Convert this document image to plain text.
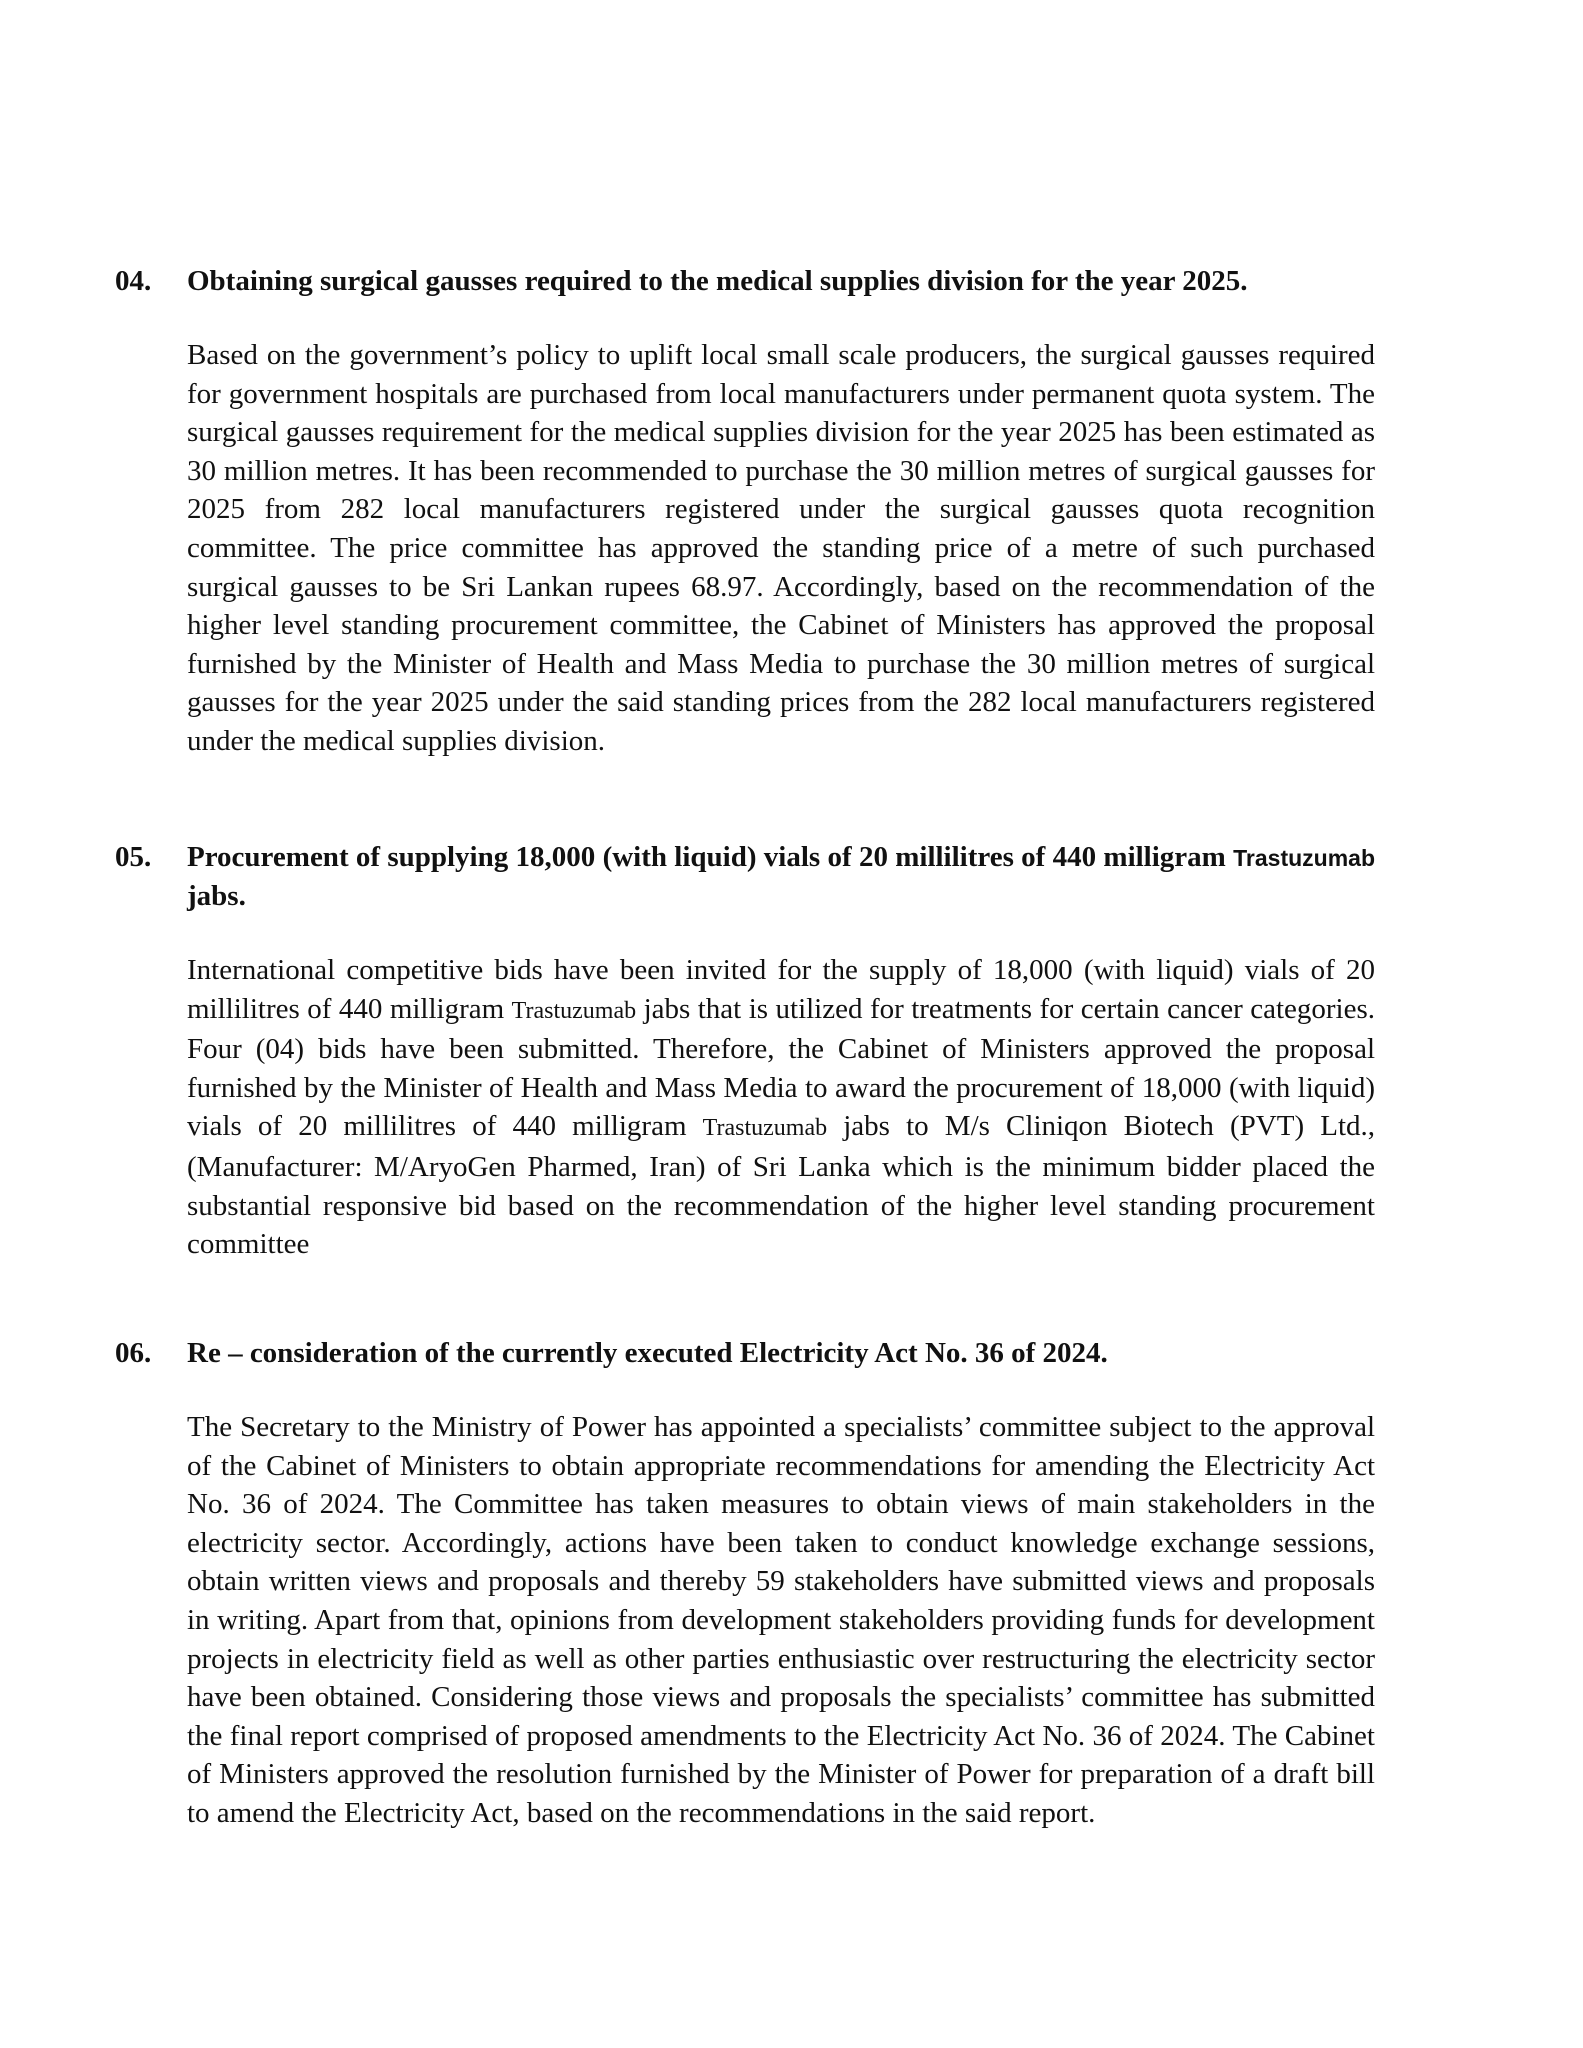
04.	Obtaining surgical gausses required to the medical supplies division for the year 2025.
Based on the government’s policy to uplift local small scale producers, the surgical gausses required for government hospitals are purchased from local manufacturers under permanent quota system. The surgical gausses requirement for the medical supplies division for the year 2025 has been estimated as 30 million metres. It has been recommended to purchase the 30 million metres of surgical gausses for 2025 from 282 local manufacturers registered under the surgical gausses quota recognition committee. The price committee has approved the standing price of a metre of such purchased surgical gausses to be Sri Lankan rupees 68.97. Accordingly, based on the recommendation of the higher level standing procurement committee, the Cabinet of Ministers has approved the proposal furnished by the Minister of Health and Mass Media to purchase the 30 million metres of surgical gausses for the year 2025 under the said standing prices from the 282 local manufacturers registered under the medical supplies division.
05.	Procurement of supplying 18,000 (with liquid) vials of 20 millilitres of 440 milligram Trastuzumab jabs.
International competitive bids have been invited for the supply of 18,000 (with liquid) vials of 20 millilitres of 440 milligram Trastuzumab jabs that is utilized for treatments for certain cancer categories. Four (04) bids have been submitted. Therefore, the Cabinet of Ministers approved the proposal furnished by the Minister of Health and Mass Media to award the procurement of 18,000 (with liquid) vials of 20 millilitres of 440 milligram Trastuzumab jabs to M/s Cliniqon Biotech (PVT) Ltd., (Manufacturer: M/AryoGen Pharmed, Iran) of Sri Lanka which is the minimum bidder placed the substantial responsive bid based on the recommendation of the higher level standing procurement committee
06.	Re – consideration of the currently executed Electricity Act No. 36 of 2024.
The Secretary to the Ministry of Power has appointed a specialists’ committee subject to the approval of the Cabinet of Ministers to obtain appropriate recommendations for amending the Electricity Act No. 36 of 2024. The Committee has taken measures to obtain views of main stakeholders in the electricity sector. Accordingly, actions have been taken to conduct knowledge exchange sessions, obtain written views and proposals and thereby 59 stakeholders have submitted views and proposals in writing. Apart from that, opinions from development stakeholders providing funds for development projects in electricity field as well as other parties enthusiastic over restructuring the electricity sector have been obtained. Considering those views and proposals the specialists’ committee has submitted the final report comprised of proposed amendments to the Electricity Act No. 36 of 2024. The Cabinet of Ministers approved the resolution furnished by the Minister of Power for preparation of a draft bill to amend the Electricity Act, based on the recommendations in the said report.
